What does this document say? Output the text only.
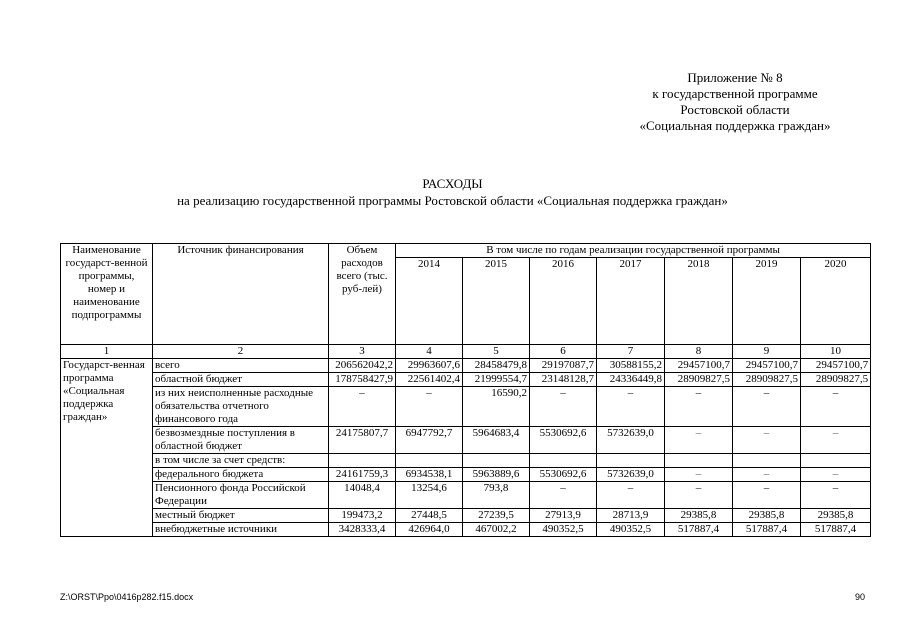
Приложение № 8
к государственной программе
Ростовской области
«Социальная поддержка граждан»
РАСХОДЫ
на реализацию государственной программы Ростовской области «Социальная поддержка граждан»
Наименование государст-венной программы, номер и наименование подпрограммы	Источник финансирования	Объем расходов всего (тыс. руб-лей)	В том числе по годам реализации государственной программы						
			2014	2015	2016	2017	2018	2019	2020
1	2	3	4	5	6	7	8	9	10
Государст-венная программа «Социальная поддержка граждан»	всего	206562042,2	29963607,6	28458479,8	29197087,7	30588155,2	29457100,7	29457100,7	29457100,7
	областной бюджет	178758427,9	22561402,4	21999554,7	23148128,7	24336449,8	28909827,5	28909827,5	28909827,5
	из них неисполненные расходные обязательства отчетного финансового года	–	–	16590,2	–	–	–	–	–
	безвозмездные поступления в областной бюджет	24175807,7	6947792,7	5964683,4	5530692,6	5732639,0	–	–	–
	в том числе за счет средств:								
	федерального бюджета	24161759,3	6934538,1	5963889,6	5530692,6	5732639,0	–	–	–
	Пенсионного фонда Российской Федерации	14048,4	13254,6	793,8	–	–	–	–	–
	местный бюджет	199473,2	27448,5	27239,5	27913,9	28713,9	29385,8	29385,8	29385,8
	внебюджетные источники	3428333,4	426964,0	467002,2	490352,5	490352,5	517887,4	517887,4	517887,4
Z:\ORST\Ppo\0416p282.f15.docx	90
